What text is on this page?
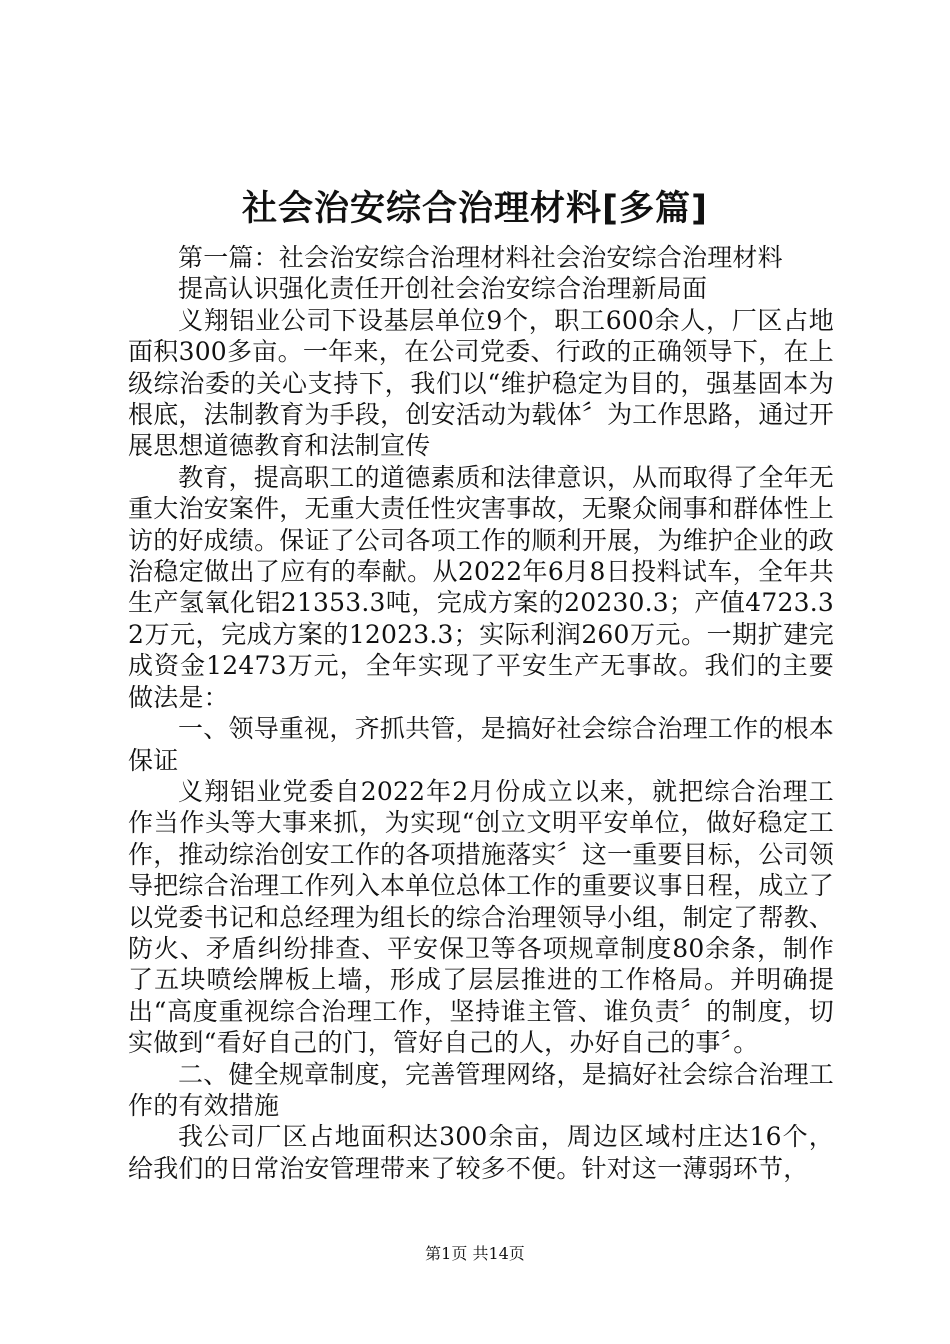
社会治安综合治理材料[多篇]

第一篇：社会治安综合治理材料社会治安综合治理材料

提高认识强化责任开创社会治安综合治理新局面

义翔铝业公司下设基层单位9个，职工600余人，厂区占地面积300多亩。一年来，在公司党委、行政的正确领导下，在上级综治委的关心支持下，我们以“维护稳定为目的，强基固本为根底，法制教育为手段，创安活动为载体〞为工作思路，通过开展思想道德教育和法制宣传

教育，提高职工的道德素质和法律意识，从而取得了全年无重大治安案件，无重大责任性灾害事故，无聚众闹事和群体性上访的好成绩。保证了公司各项工作的顺利开展，为维护企业的政治稳定做出了应有的奉献。从2022年6月8日投料试车，全年共生产氢氧化铝21353.3吨，完成方案的20230.3；产值4723.32万元，完成方案的12023.3；实际利润260万元。一期扩建完成资金12473万元，全年实现了平安生产无事故。我们的主要做法是：

一、领导重视，齐抓共管，是搞好社会综合治理工作的根本保证

义翔铝业党委自2022年2月份成立以来，就把综合治理工作当作头等大事来抓，为实现“创立文明平安单位，做好稳定工作，推动综治创安工作的各项措施落实〞这一重要目标，公司领导把综合治理工作列入本单位总体工作的重要议事日程，成立了以党委书记和总经理为组长的综合治理领导小组，制定了帮教、防火、矛盾纠纷排查、平安保卫等各项规章制度80余条，制作了五块喷绘牌板上墙，形成了层层推进的工作格局。并明确提出“高度重视综合治理工作，坚持谁主管、谁负责〞的制度，切实做到“看好自己的门，管好自己的人，办好自己的事〞。

二、健全规章制度，完善管理网络，是搞好社会综合治理工作的有效措施

我公司厂区占地面积达300余亩，周边区域村庄达16个，给我们的日常治安管理带来了较多不便。针对这一薄弱环节，

第1页 共14页
